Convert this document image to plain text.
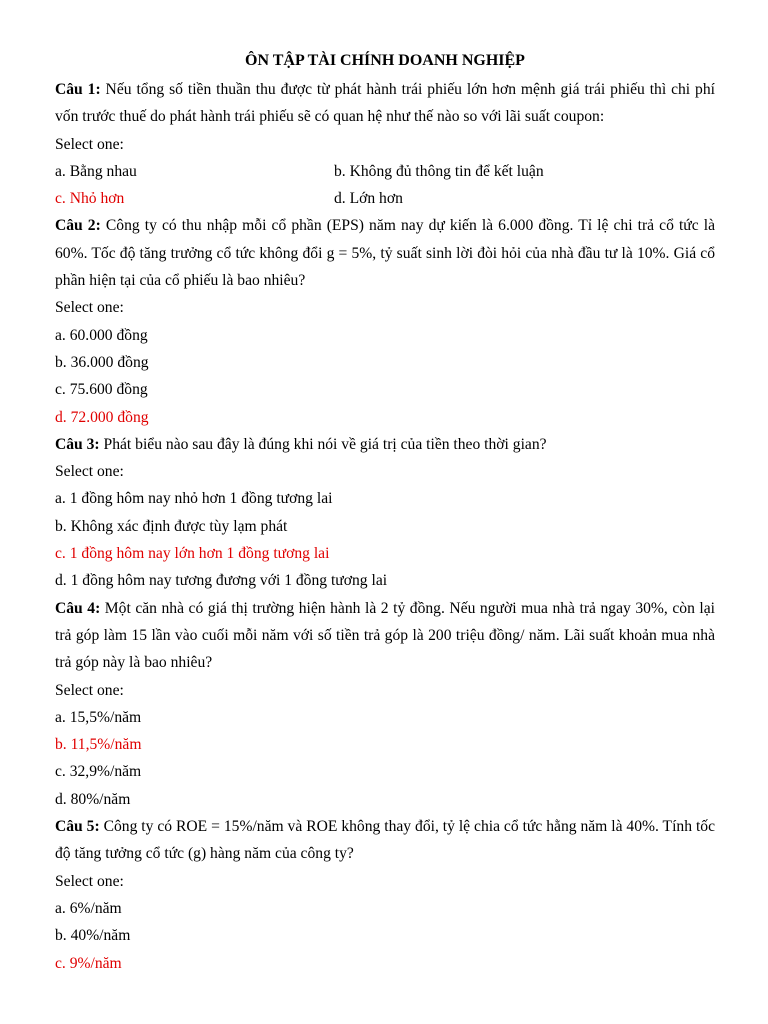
ÔN TẬP TÀI CHÍNH DOANH NGHIỆP
Câu 1: Nếu tổng số tiền thuần thu được từ phát hành trái phiếu lớn hơn mệnh giá trái phiếu thì chi phí vốn trước thuế do phát hành trái phiếu sẽ có quan hệ như thế nào so với lãi suất coupon:
Select one:
a. Bằng nhau	b. Không đủ thông tin để kết luận
c. Nhỏ hơn	d. Lớn hơn
Câu 2: Công ty có thu nhập mỗi cổ phần (EPS) năm nay dự kiến là 6.000 đồng. Tỉ lệ chi trả cổ tức là 60%. Tốc độ tăng trưởng cổ tức không đổi g = 5%, tỷ suất sinh lời đòi hỏi của nhà đầu tư là 10%. Giá cổ phần hiện tại của cổ phiếu là bao nhiêu?
Select one:
a. 60.000 đồng
b. 36.000 đồng
c. 75.600 đồng
d. 72.000 đồng
Câu 3: Phát biểu nào sau đây là đúng khi nói về giá trị của tiền theo thời gian?
Select one:
a. 1 đồng hôm nay nhỏ hơn 1 đồng tương lai
b. Không xác định được tùy lạm phát
c. 1 đồng hôm nay lớn hơn 1 đồng tương lai
d. 1 đồng hôm nay tương đương với 1 đồng tương lai
Câu 4: Một căn nhà có giá thị trường hiện hành là 2 tỷ đồng. Nếu người mua nhà trả ngay 30%, còn lại trả góp làm 15 lần vào cuối mỗi năm với số tiền trả góp là 200 triệu đồng/ năm. Lãi suất khoản mua nhà trả góp này là bao nhiêu?
Select one:
a. 15,5%/năm
b. 11,5%/năm
c. 32,9%/năm
d. 80%/năm
Câu 5: Công ty có ROE = 15%/năm và ROE không thay đổi, tỷ lệ chia cổ tức hằng năm là 40%. Tính tốc độ tăng tưởng cổ tức (g) hàng năm của công ty?
Select one:
a. 6%/năm
b. 40%/năm
c. 9%/năm
